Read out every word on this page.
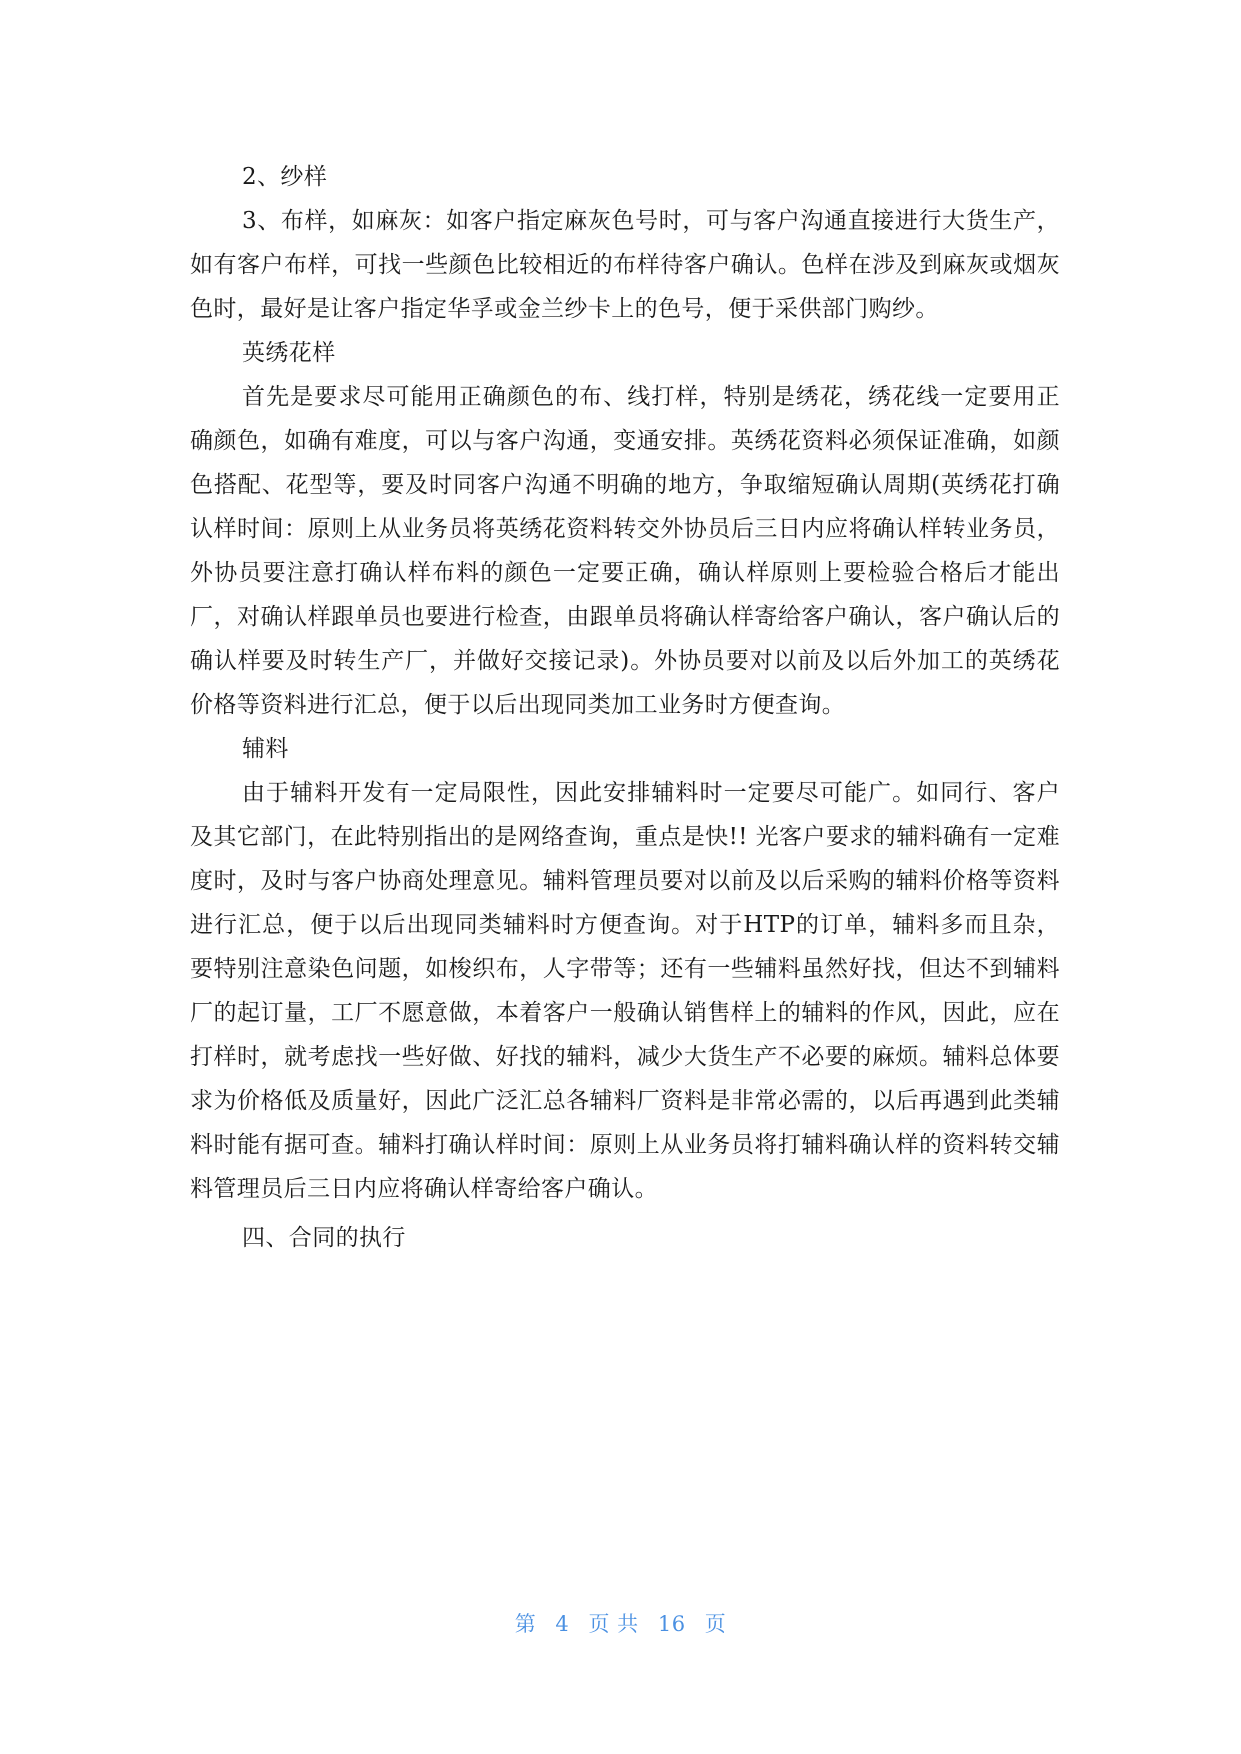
2、纱样

3、布样，如麻灰：如客户指定麻灰色号时，可与客户沟通直接进行大货生产，如有客户布样，可找一些颜色比较相近的布样待客户确认。色样在涉及到麻灰或烟灰色时，最好是让客户指定华孚或金兰纱卡上的色号，便于采供部门购纱。

英绣花样

首先是要求尽可能用正确颜色的布、线打样，特别是绣花，绣花线一定要用正确颜色，如确有难度，可以与客户沟通，变通安排。英绣花资料必须保证准确，如颜色搭配、花型等，要及时同客户沟通不明确的地方，争取缩短确认周期(英绣花打确认样时间：原则上从业务员将英绣花资料转交外协员后三日内应将确认样转业务员，外协员要注意打确认样布料的颜色一定要正确，确认样原则上要检验合格后才能出厂，对确认样跟单员也要进行检查，由跟单员将确认样寄给客户确认，客户确认后的确认样要及时转生产厂，并做好交接记录)。外协员要对以前及以后外加工的英绣花价格等资料进行汇总，便于以后出现同类加工业务时方便查询。

辅料

由于辅料开发有一定局限性，因此安排辅料时一定要尽可能广。如同行、客户及其它部门，在此特别指出的是网络查询，重点是快!! 光客户要求的辅料确有一定难度时，及时与客户协商处理意见。辅料管理员要对以前及以后采购的辅料价格等资料进行汇总，便于以后出现同类辅料时方便查询。对于HTP的订单，辅料多而且杂，要特别注意染色问题，如梭织布，人字带等；还有一些辅料虽然好找，但达不到辅料厂的起订量，工厂不愿意做，本着客户一般确认销售样上的辅料的作风，因此，应在打样时，就考虑找一些好做、好找的辅料，减少大货生产不必要的麻烦。辅料总体要求为价格低及质量好，因此广泛汇总各辅料厂资料是非常必需的，以后再遇到此类辅料时能有据可查。辅料打确认样时间：原则上从业务员将打辅料确认样的资料转交辅料管理员后三日内应将确认样寄给客户确认。

四、合同的执行

第 4 页 共 16 页
